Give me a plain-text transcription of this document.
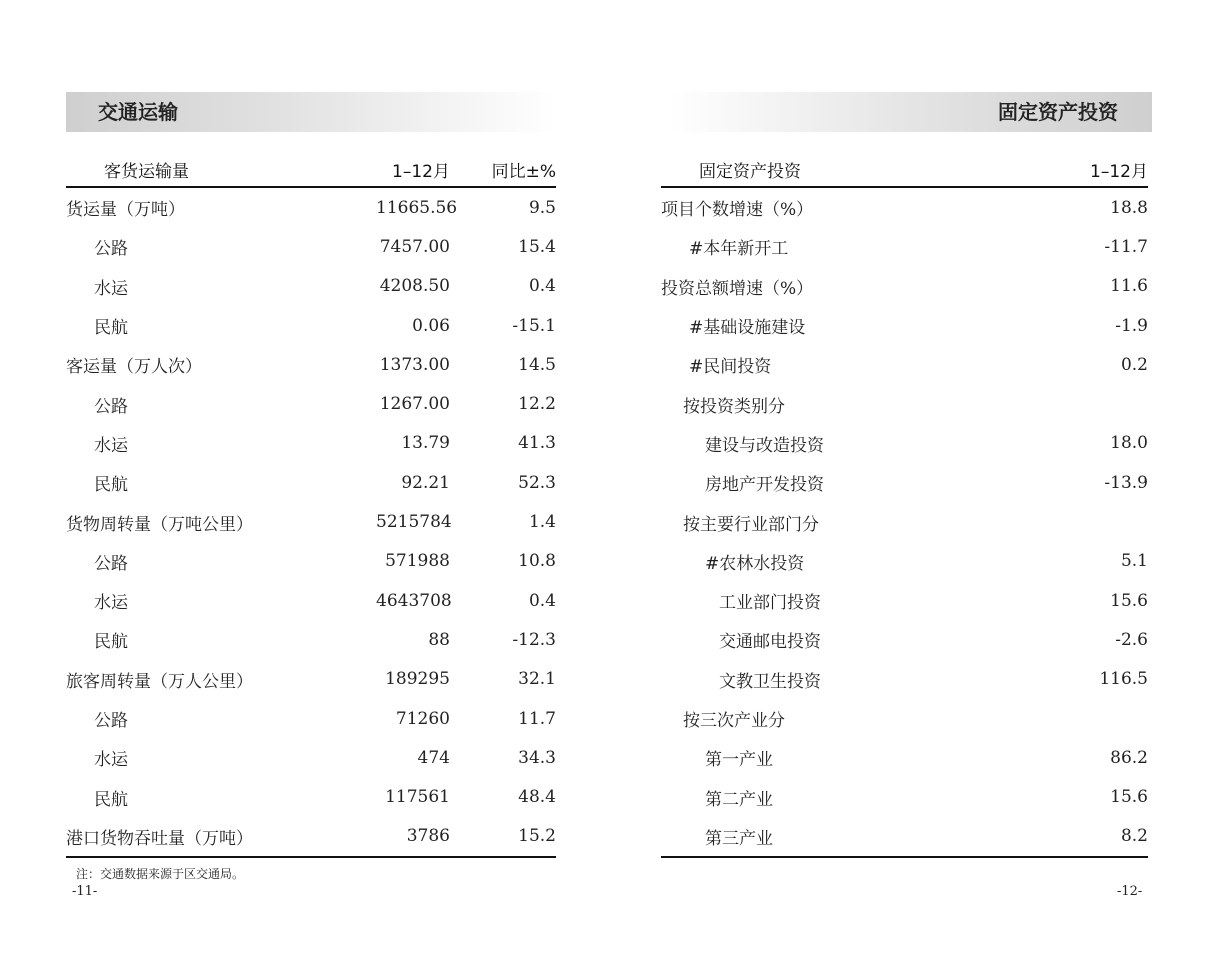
交通运输
客货运输量	1–12月	同比±%
货运量（万吨）	11665.56	9.5
公路	7457.00	15.4
水运	4208.50	0.4
民航	0.06	-15.1
客运量（万人次）	1373.00	14.5
公路	1267.00	12.2
水运	13.79	41.3
民航	92.21	52.3
货物周转量（万吨公里）	5215784	1.4
公路	571988	10.8
水运	4643708	0.4
民航	88	-12.3
旅客周转量（万人公里）	189295	32.1
公路	71260	11.7
水运	474	34.3
民航	117561	48.4
港口货物吞吐量（万吨）	3786	15.2
注：交通数据来源于区交通局。
-11-
固定资产投资
固定资产投资	1–12月
项目个数增速（%）	18.8
#本年新开工	-11.7
投资总额增速（%）	11.6
#基础设施建设	-1.9
#民间投资	0.2
按投资类别分	
建设与改造投资	18.0
房地产开发投资	-13.9
按主要行业部门分	
#农林水投资	5.1
工业部门投资	15.6
交通邮电投资	-2.6
文教卫生投资	116.5
按三次产业分	
第一产业	86.2
第二产业	15.6
第三产业	8.2
-12-
